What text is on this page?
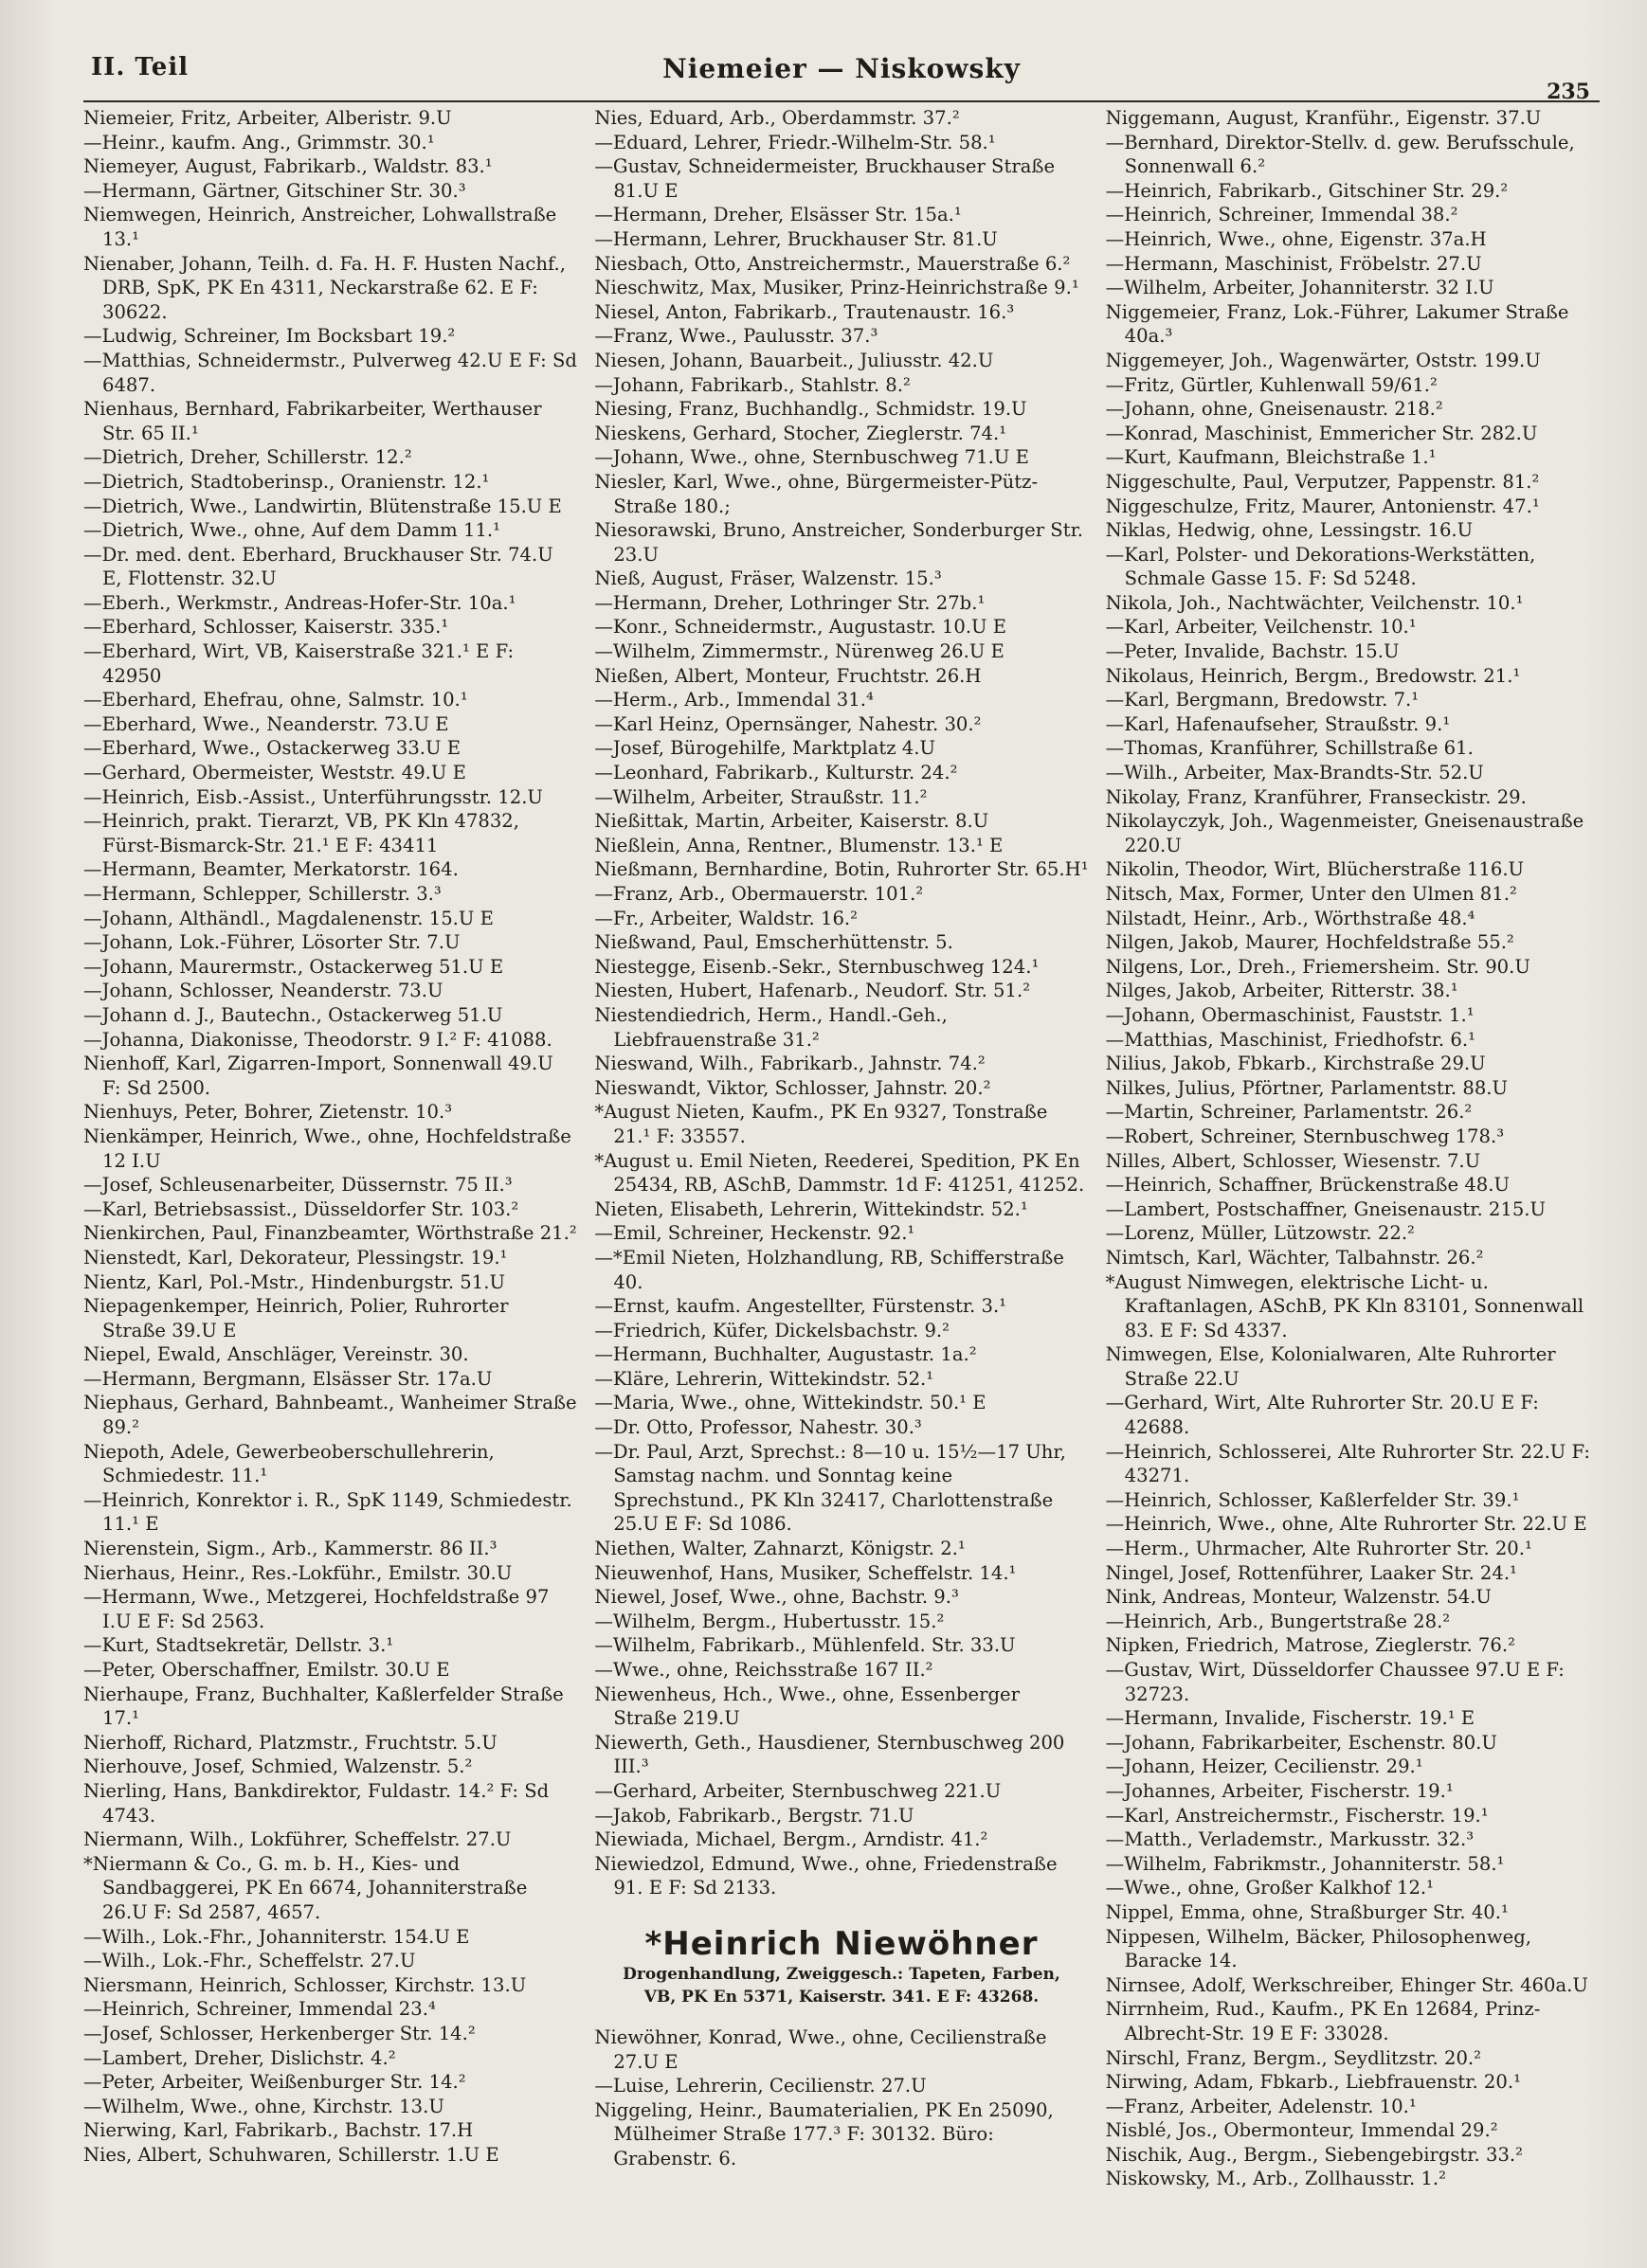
II. Teil	Niemeier — Niskowsky
235
Niemeier, Fritz, Arbeiter, Alberistr. 9.U
—Heinr., kaufm. Ang., Grimmstr. 30.¹
Niemeyer, August, Fabrikarb., Waldstr. 83.¹
—Hermann, Gärtner, Gitschiner Str. 30.³
Niemwegen, Heinrich, Anstreicher, Lohwallstraße 13.¹
Nienaber, Johann, Teilh. d. Fa. H. F. Husten Nachf., DRB, SpK, PK En 4311, Neckarstraße 62. E F: 30622.
—Ludwig, Schreiner, Im Bocksbart 19.²
—Matthias, Schneidermstr., Pulverweg 42.U E F: Sd 6487.
Nienhaus, Bernhard, Fabrikarbeiter, Werthauser Str. 65 II.¹
—Dietrich, Dreher, Schillerstr. 12.²
—Dietrich, Stadtoberinsp., Oranienstr. 12.¹
—Dietrich, Wwe., Landwirtin, Blütenstraße 15.U E
—Dietrich, Wwe., ohne, Auf dem Damm 11.¹
—Dr. med. dent. Eberhard, Bruckhauser Str. 74.U E, Flottenstr. 32.U
—Eberh., Werkmstr., Andreas-Hofer-Str. 10a.¹
—Eberhard, Schlosser, Kaiserstr. 335.¹
—Eberhard, Wirt, VB, Kaiserstraße 321.¹ E F: 42950
—Eberhard, Ehefrau, ohne, Salmstr. 10.¹
—Eberhard, Wwe., Neanderstr. 73.U E
—Eberhard, Wwe., Ostackerweg 33.U E
—Gerhard, Obermeister, Weststr. 49.U E
—Heinrich, Eisb.-Assist., Unterführungsstr. 12.U
—Heinrich, prakt. Tierarzt, VB, PK Kln 47832, Fürst-Bismarck-Str. 21.¹ E F: 43411
—Hermann, Beamter, Merkatorstr. 164.
—Hermann, Schlepper, Schillerstr. 3.³
—Johann, Althändl., Magdalenenstr. 15.U E
—Johann, Lok.-Führer, Lösorter Str. 7.U
—Johann, Maurermstr., Ostackerweg 51.U E
—Johann, Schlosser, Neanderstr. 73.U
—Johann d. J., Bautechn., Ostackerweg 51.U
—Johanna, Diakonisse, Theodorstr. 9 I.² F: 41088.
Nienhoff, Karl, Zigarren-Import, Sonnenwall 49.U F: Sd 2500.
Nienhuys, Peter, Bohrer, Zietenstr. 10.³
Nienkämper, Heinrich, Wwe., ohne, Hochfeldstraße 12 I.U
—Josef, Schleusenarbeiter, Düssernstr. 75 II.³
—Karl, Betriebsassist., Düsseldorfer Str. 103.²
Nienkirchen, Paul, Finanzbeamter, Wörthstraße 21.²
Nienstedt, Karl, Dekorateur, Plessingstr. 19.¹
Nientz, Karl, Pol.-Mstr., Hindenburgstr. 51.U
Niepagenkemper, Heinrich, Polier, Ruhrorter Straße 39.U E
Niepel, Ewald, Anschläger, Vereinstr. 30.
—Hermann, Bergmann, Elsässer Str. 17a.U
Niephaus, Gerhard, Bahnbeamt., Wanheimer Straße 89.²
Niepoth, Adele, Gewerbeoberschullehrerin, Schmiedestr. 11.¹
—Heinrich, Konrektor i. R., SpK 1149, Schmiedestr. 11.¹ E
Nierenstein, Sigm., Arb., Kammerstr. 86 II.³
Nierhaus, Heinr., Res.-Lokführ., Emilstr. 30.U
—Hermann, Wwe., Metzgerei, Hochfeldstraße 97 I.U E F: Sd 2563.
—Kurt, Stadtsekretär, Dellstr. 3.¹
—Peter, Oberschaffner, Emilstr. 30.U E
Nierhaupe, Franz, Buchhalter, Kaßlerfelder Straße 17.¹
Nierhoff, Richard, Platzmstr., Fruchtstr. 5.U
Nierhouve, Josef, Schmied, Walzenstr. 5.²
Nierling, Hans, Bankdirektor, Fuldastr. 14.² F: Sd 4743.
Niermann, Wilh., Lokführer, Scheffelstr. 27.U
*Niermann & Co., G. m. b. H., Kies- und Sandbaggerei, PK En 6674, Johanniterstraße 26.U F: Sd 2587, 4657.
—Wilh., Lok.-Fhr., Johanniterstr. 154.U E
—Wilh., Lok.-Fhr., Scheffelstr. 27.U
Niersmann, Heinrich, Schlosser, Kirchstr. 13.U
—Heinrich, Schreiner, Immendal 23.⁴
—Josef, Schlosser, Herkenberger Str. 14.²
—Lambert, Dreher, Dislichstr. 4.²
—Peter, Arbeiter, Weißenburger Str. 14.²
—Wilhelm, Wwe., ohne, Kirchstr. 13.U
Nierwing, Karl, Fabrikarb., Bachstr. 17.H
Nies, Albert, Schuhwaren, Schillerstr. 1.U E
Nies, Eduard, Arb., Oberdammstr. 37.²
—Eduard, Lehrer, Friedr.-Wilhelm-Str. 58.¹
—Gustav, Schneidermeister, Bruckhauser Straße 81.U E
—Hermann, Dreher, Elsässer Str. 15a.¹
—Hermann, Lehrer, Bruckhauser Str. 81.U
Niesbach, Otto, Anstreichermstr., Mauerstraße 6.²
Nieschwitz, Max, Musiker, Prinz-Heinrichstraße 9.¹
Niesel, Anton, Fabrikarb., Trautenaustr. 16.³
—Franz, Wwe., Paulusstr. 37.³
Niesen, Johann, Bauarbeit., Juliusstr. 42.U
—Johann, Fabrikarb., Stahlstr. 8.²
Niesing, Franz, Buchhandlg., Schmidstr. 19.U
Nieskens, Gerhard, Stocher, Zieglerstr. 74.¹
—Johann, Wwe., ohne, Sternbuschweg 71.U E
Niesler, Karl, Wwe., ohne, Bürgermeister-Pütz-Straße 180.;
Niesorawski, Bruno, Anstreicher, Sonderburger Str. 23.U
Nieß, August, Fräser, Walzenstr. 15.³
—Hermann, Dreher, Lothringer Str. 27b.¹
—Konr., Schneidermstr., Augustastr. 10.U E
—Wilhelm, Zimmermstr., Nürenweg 26.U E
Nießen, Albert, Monteur, Fruchtstr. 26.H
—Herm., Arb., Immendal 31.⁴
—Karl Heinz, Opernsänger, Nahestr. 30.²
—Josef, Bürogehilfe, Marktplatz 4.U
—Leonhard, Fabrikarb., Kulturstr. 24.²
—Wilhelm, Arbeiter, Straußstr. 11.²
Nießittak, Martin, Arbeiter, Kaiserstr. 8.U
Nießlein, Anna, Rentner., Blumenstr. 13.¹ E
Nießmann, Bernhardine, Botin, Ruhrorter Str. 65.H¹
—Franz, Arb., Obermauerstr. 101.²
—Fr., Arbeiter, Waldstr. 16.²
Nießwand, Paul, Emscherhüttenstr. 5.
Niestegge, Eisenb.-Sekr., Sternbuschweg 124.¹
Niesten, Hubert, Hafenarb., Neudorf. Str. 51.²
Niestendiedrich, Herm., Handl.-Geh., Liebfrauenstraße 31.²
Nieswand, Wilh., Fabrikarb., Jahnstr. 74.²
Nieswandt, Viktor, Schlosser, Jahnstr. 20.²
*August Nieten, Kaufm., PK En 9327, Tonstraße 21.¹ F: 33557.
*August u. Emil Nieten, Reederei, Spedition, PK En 25434, RB, ASchB, Dammstr. 1d F: 41251, 41252.
Nieten, Elisabeth, Lehrerin, Wittekindstr. 52.¹
—Emil, Schreiner, Heckenstr. 92.¹
—*Emil Nieten, Holzhandlung, RB, Schifferstraße 40.
—Ernst, kaufm. Angestellter, Fürstenstr. 3.¹
—Friedrich, Küfer, Dickelsbachstr. 9.²
—Hermann, Buchhalter, Augustastr. 1a.²
—Kläre, Lehrerin, Wittekindstr. 52.¹
—Maria, Wwe., ohne, Wittekindstr. 50.¹ E
—Dr. Otto, Professor, Nahestr. 30.³
—Dr. Paul, Arzt, Sprechst.: 8—10 u. 15½—17 Uhr, Samstag nachm. und Sonntag keine Sprechstund., PK Kln 32417, Charlottenstraße 25.U E F: Sd 1086.
Niethen, Walter, Zahnarzt, Königstr. 2.¹
Nieuwenhof, Hans, Musiker, Scheffelstr. 14.¹
Niewel, Josef, Wwe., ohne, Bachstr. 9.³
—Wilhelm, Bergm., Hubertusstr. 15.²
—Wilhelm, Fabrikarb., Mühlenfeld. Str. 33.U
—Wwe., ohne, Reichsstraße 167 II.²
Niewenheus, Hch., Wwe., ohne, Essenberger Straße 219.U
Niewerth, Geth., Hausdiener, Sternbuschweg 200 III.³
—Gerhard, Arbeiter, Sternbuschweg 221.U
—Jakob, Fabrikarb., Bergstr. 71.U
Niewiada, Michael, Bergm., Arndistr. 41.²
Niewiedzol, Edmund, Wwe., ohne, Friedenstraße 91. E F: Sd 2133.
*Heinrich Niewöhner
Drogenhandlung, Zweiggesch.: Tapeten, Farben,
VB, PK En 5371, Kaiserstr. 341. E F: 43268.
Niewöhner, Konrad, Wwe., ohne, Cecilienstraße 27.U E
—Luise, Lehrerin, Cecilienstr. 27.U
Niggeling, Heinr., Baumaterialien, PK En 25090, Mülheimer Straße 177.³ F: 30132. Büro: Grabenstr. 6.
Niggemann, August, Kranführ., Eigenstr. 37.U
—Bernhard, Direktor-Stellv. d. gew. Berufsschule, Sonnenwall 6.²
—Heinrich, Fabrikarb., Gitschiner Str. 29.²
—Heinrich, Schreiner, Immendal 38.²
—Heinrich, Wwe., ohne, Eigenstr. 37a.H
—Hermann, Maschinist, Fröbelstr. 27.U
—Wilhelm, Arbeiter, Johanniterstr. 32 I.U
Niggemeier, Franz, Lok.-Führer, Lakumer Straße 40a.³
Niggemeyer, Joh., Wagenwärter, Oststr. 199.U
—Fritz, Gürtler, Kuhlenwall 59/61.²
—Johann, ohne, Gneisenaustr. 218.²
—Konrad, Maschinist, Emmericher Str. 282.U
—Kurt, Kaufmann, Bleichstraße 1.¹
Niggeschulte, Paul, Verputzer, Pappenstr. 81.²
Niggeschulze, Fritz, Maurer, Antonienstr. 47.¹
Niklas, Hedwig, ohne, Lessingstr. 16.U
—Karl, Polster- und Dekorations-Werkstätten, Schmale Gasse 15. F: Sd 5248.
Nikola, Joh., Nachtwächter, Veilchenstr. 10.¹
—Karl, Arbeiter, Veilchenstr. 10.¹
—Peter, Invalide, Bachstr. 15.U
Nikolaus, Heinrich, Bergm., Bredowstr. 21.¹
—Karl, Bergmann, Bredowstr. 7.¹
—Karl, Hafenaufseher, Straußstr. 9.¹
—Thomas, Kranführer, Schillstraße 61.
—Wilh., Arbeiter, Max-Brandts-Str. 52.U
Nikolay, Franz, Kranführer, Franseckistr. 29.
Nikolayczyk, Joh., Wagenmeister, Gneisenaustraße 220.U
Nikolin, Theodor, Wirt, Blücherstraße 116.U
Nitsch, Max, Former, Unter den Ulmen 81.²
Nilstadt, Heinr., Arb., Wörthstraße 48.⁴
Nilgen, Jakob, Maurer, Hochfeldstraße 55.²
Nilgens, Lor., Dreh., Friemersheim. Str. 90.U
Nilges, Jakob, Arbeiter, Ritterstr. 38.¹
—Johann, Obermaschinist, Fauststr. 1.¹
—Matthias, Maschinist, Friedhofstr. 6.¹
Nilius, Jakob, Fbkarb., Kirchstraße 29.U
Nilkes, Julius, Pförtner, Parlamentstr. 88.U
—Martin, Schreiner, Parlamentstr. 26.²
—Robert, Schreiner, Sternbuschweg 178.³
Nilles, Albert, Schlosser, Wiesenstr. 7.U
—Heinrich, Schaffner, Brückenstraße 48.U
—Lambert, Postschaffner, Gneisenaustr. 215.U
—Lorenz, Müller, Lützowstr. 22.²
Nimtsch, Karl, Wächter, Talbahnstr. 26.²
*August Nimwegen, elektrische Licht- u. Kraftanlagen, ASchB, PK Kln 83101, Sonnenwall 83. E F: Sd 4337.
Nimwegen, Else, Kolonialwaren, Alte Ruhrorter Straße 22.U
—Gerhard, Wirt, Alte Ruhrorter Str. 20.U E F: 42688.
—Heinrich, Schlosserei, Alte Ruhrorter Str. 22.U F: 43271.
—Heinrich, Schlosser, Kaßlerfelder Str. 39.¹
—Heinrich, Wwe., ohne, Alte Ruhrorter Str. 22.U E
—Herm., Uhrmacher, Alte Ruhrorter Str. 20.¹
Ningel, Josef, Rottenführer, Laaker Str. 24.¹
Nink, Andreas, Monteur, Walzenstr. 54.U
—Heinrich, Arb., Bungertstraße 28.²
Nipken, Friedrich, Matrose, Zieglerstr. 76.²
—Gustav, Wirt, Düsseldorfer Chaussee 97.U E F: 32723.
—Hermann, Invalide, Fischerstr. 19.¹ E
—Johann, Fabrikarbeiter, Eschenstr. 80.U
—Johann, Heizer, Cecilienstr. 29.¹
—Johannes, Arbeiter, Fischerstr. 19.¹
—Karl, Anstreichermstr., Fischerstr. 19.¹
—Matth., Verlademstr., Markusstr. 32.³
—Wilhelm, Fabrikmstr., Johanniterstr. 58.¹
—Wwe., ohne, Großer Kalkhof 12.¹
Nippel, Emma, ohne, Straßburger Str. 40.¹
Nippesen, Wilhelm, Bäcker, Philosophenweg, Baracke 14.
Nirnsee, Adolf, Werkschreiber, Ehinger Str. 460a.U
Nirrnheim, Rud., Kaufm., PK En 12684, Prinz-Albrecht-Str. 19 E F: 33028.
Nirschl, Franz, Bergm., Seydlitzstr. 20.²
Nirwing, Adam, Fbkarb., Liebfrauenstr. 20.¹
—Franz, Arbeiter, Adelenstr. 10.¹
Nisblé, Jos., Obermonteur, Immendal 29.²
Nischik, Aug., Bergm., Siebengebirgstr. 33.²
Niskowsky, M., Arb., Zollhausstr. 1.²
